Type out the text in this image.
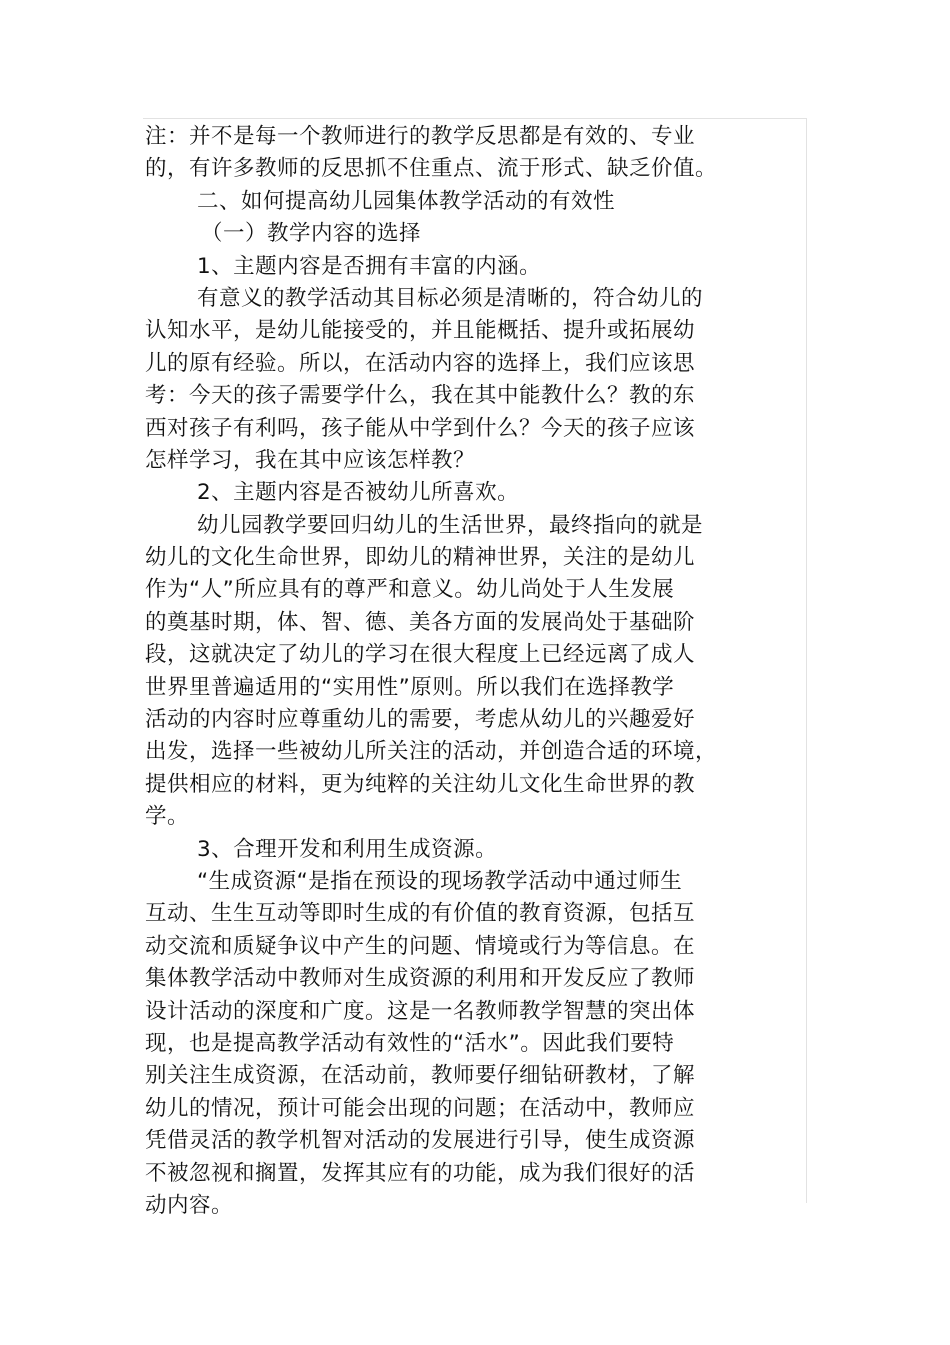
注：并不是每一个教师进行的教学反思都是有效的、专业
的，有许多教师的反思抓不住重点、流于形式、缺乏价值。
二、如何提高幼儿园集体教学活动的有效性
（一）教学内容的选择
1、主题内容是否拥有丰富的内涵。
有意义的教学活动其目标必须是清晰的，符合幼儿的
认知水平，是幼儿能接受的，并且能概括、提升或拓展幼
儿的原有经验。所以，在活动内容的选择上，我们应该思
考：今天的孩子需要学什么，我在其中能教什么？教的东
西对孩子有利吗，孩子能从中学到什么？今天的孩子应该
怎样学习，我在其中应该怎样教？
2、主题内容是否被幼儿所喜欢。
幼儿园教学要回归幼儿的生活世界，最终指向的就是
幼儿的文化生命世界，即幼儿的精神世界，关注的是幼儿
作为“人”所应具有的尊严和意义。幼儿尚处于人生发展
的奠基时期，体、智、德、美各方面的发展尚处于基础阶
段，这就决定了幼儿的学习在很大程度上已经远离了成人
世界里普遍适用的“实用性”原则。所以我们在选择教学
活动的内容时应尊重幼儿的需要，考虑从幼儿的兴趣爱好
出发，选择一些被幼儿所关注的活动，并创造合适的环境，
提供相应的材料，更为纯粹的关注幼儿文化生命世界的教
学。
3、合理开发和利用生成资源。
“生成资源“是指在预设的现场教学活动中通过师生
互动、生生互动等即时生成的有价值的教育资源，包括互
动交流和质疑争议中产生的问题、情境或行为等信息。在
集体教学活动中教师对生成资源的利用和开发反应了教师
设计活动的深度和广度。这是一名教师教学智慧的突出体
现，也是提高教学活动有效性的“活水”。因此我们要特
别关注生成资源，在活动前，教师要仔细钻研教材，了解
幼儿的情况，预计可能会出现的问题；在活动中，教师应
凭借灵活的教学机智对活动的发展进行引导，使生成资源
不被忽视和搁置，发挥其应有的功能，成为我们很好的活
动内容。
